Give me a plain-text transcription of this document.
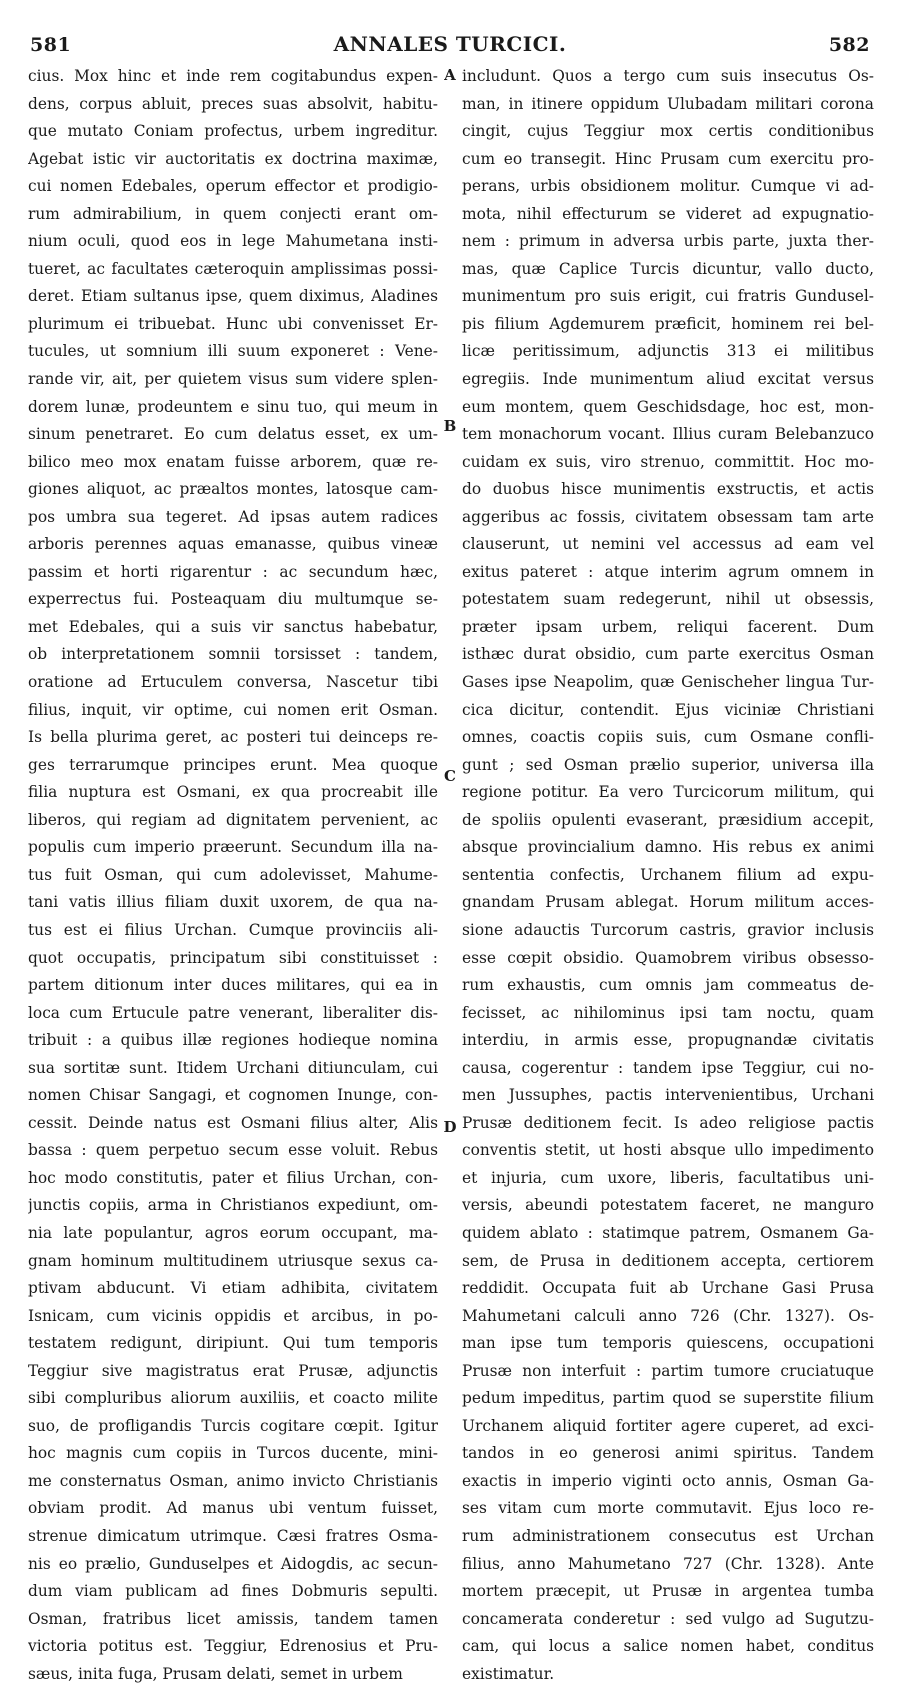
581	ANNALES TURCICI.	582
cius. Mox hinc et inde rem cogitabundus expen-
dens, corpus abluit, preces suas absolvit, habitu-
que mutato Coniam profectus, urbem ingreditur.
Agebat istic vir auctoritatis ex doctrina maximæ,
cui nomen Edebales, operum effector et prodigio-
rum admirabilium, in quem conjecti erant om-
nium oculi, quod eos in lege Mahumetana insti-
tueret, ac facultates cæteroquin amplissimas possi-
deret. Etiam sultanus ipse, quem diximus, Aladines
plurimum ei tribuebat. Hunc ubi convenisset Er-
tucules, ut somnium illi suum exponeret : Vene-
rande vir, ait, per quietem visus sum videre splen-
dorem lunæ, prodeuntem e sinu tuo, qui meum in
sinum penetraret. Eo cum delatus esset, ex um-
bilico meo mox enatam fuisse arborem, quæ re-
giones aliquot, ac præaltos montes, latosque cam-
pos umbra sua tegeret. Ad ipsas autem radices
arboris perennes aquas emanasse, quibus vineæ
passim et horti rigarentur : ac secundum hæc,
experrectus fui. Posteaquam diu multumque se-
met Edebales, qui a suis vir sanctus habebatur,
ob interpretationem somnii torsisset : tandem,
oratione ad Ertuculem conversa, Nascetur tibi
filius, inquit, vir optime, cui nomen erit Osman.
Is bella plurima geret, ac posteri tui deinceps re-
ges terrarumque principes erunt. Mea quoque
filia nuptura est Osmani, ex qua procreabit ille
liberos, qui regiam ad dignitatem pervenient, ac
populis cum imperio præerunt. Secundum illa na-
tus fuit Osman, qui cum adolevisset, Mahume-
tani vatis illius filiam duxit uxorem, de qua na-
tus est ei filius Urchan. Cumque provinciis ali-
quot occupatis, principatum sibi constituisset :
partem ditionum inter duces militares, qui ea in
loca cum Ertucule patre venerant, liberaliter dis-
tribuit : a quibus illæ regiones hodieque nomina
sua sortitæ sunt. Itidem Urchani ditiunculam, cui
nomen Chisar Sangagi, et cognomen Inunge, con-
cessit. Deinde natus est Osmani filius alter, Alis
bassa : quem perpetuo secum esse voluit. Rebus
hoc modo constitutis, pater et filius Urchan, con-
junctis copiis, arma in Christianos expediunt, om-
nia late populantur, agros eorum occupant, ma-
gnam hominum multitudinem utriusque sexus ca-
ptivam abducunt. Vi etiam adhibita, civitatem
Isnicam, cum vicinis oppidis et arcibus, in po-
testatem redigunt, diripiunt. Qui tum temporis
Teggiur sive magistratus erat Prusæ, adjunctis
sibi compluribus aliorum auxiliis, et coacto milite
suo, de profligandis Turcis cogitare cœpit. Igitur
hoc magnis cum copiis in Turcos ducente, mini-
me consternatus Osman, animo invicto Christianis
obviam prodit. Ad manus ubi ventum fuisset,
strenue dimicatum utrimque. Cæsi fratres Osma-
nis eo prælio, Gunduselpes et Aidogdis, ac secun-
dum viam publicam ad fines Dobmuris sepulti.
Osman, fratribus licet amissis, tandem tamen
victoria potitus est. Teggiur, Edrenosius et Pru-
sæus, inita fuga, Prusam delati, semet in urbem
includunt. Quos a tergo cum suis insecutus Os-
man, in itinere oppidum Ulubadam militari corona
cingit, cujus Teggiur mox certis conditionibus
cum eo transegit. Hinc Prusam cum exercitu pro-
perans, urbis obsidionem molitur. Cumque vi ad-
mota, nihil effecturum se videret ad expugnatio-
nem : primum in adversa urbis parte, juxta ther-
mas, quæ Caplice Turcis dicuntur, vallo ducto,
munimentum pro suis erigit, cui fratris Gundusel-
pis filium Agdemurem præficit, hominem rei bel-
licæ peritissimum, adjunctis 313 ei militibus
egregiis. Inde munimentum aliud excitat versus
eum montem, quem Geschidsdage, hoc est, mon-
tem monachorum vocant. Illius curam Belebanzuco
cuidam ex suis, viro strenuo, committit. Hoc mo-
do duobus hisce munimentis exstructis, et actis
aggeribus ac fossis, civitatem obsessam tam arte
clauserunt, ut nemini vel accessus ad eam vel
exitus pateret : atque interim agrum omnem in
potestatem suam redegerunt, nihil ut obsessis,
præter ipsam urbem, reliqui facerent. Dum
isthæc durat obsidio, cum parte exercitus Osman
Gases ipse Neapolim, quæ Genischeher lingua Tur-
cica dicitur, contendit. Ejus viciniæ Christiani
omnes, coactis copiis suis, cum Osmane confli-
gunt ; sed Osman prælio superior, universa illa
regione potitur. Ea vero Turcicorum militum, qui
de spoliis opulenti evaserant, præsidium accepit,
absque provincialium damno. His rebus ex animi
sententia confectis, Urchanem filium ad expu-
gnandam Prusam ablegat. Horum militum acces-
sione adauctis Turcorum castris, gravior inclusis
esse cœpit obsidio. Quamobrem viribus obsesso-
rum exhaustis, cum omnis jam commeatus de-
fecisset, ac nihilominus ipsi tam noctu, quam
interdiu, in armis esse, propugnandæ civitatis
causa, cogerentur : tandem ipse Teggiur, cui no-
men Jussuphes, pactis intervenientibus, Urchani
Prusæ deditionem fecit. Is adeo religiose pactis
conventis stetit, ut hosti absque ullo impedimento
et injuria, cum uxore, liberis, facultatibus uni-
versis, abeundi potestatem faceret, ne manguro
quidem ablato : statimque patrem, Osmanem Ga-
sem, de Prusa in deditionem accepta, certiorem
reddidit. Occupata fuit ab Urchane Gasi Prusa
Mahumetani calculi anno 726 (Chr. 1327). Os-
man ipse tum temporis quiescens, occupationi
Prusæ non interfuit : partim tumore cruciatuque
pedum impeditus, partim quod se superstite filium
Urchanem aliquid fortiter agere cuperet, ad exci-
tandos in eo generosi animi spiritus. Tandem
exactis in imperio viginti octo annis, Osman Ga-
ses vitam cum morte commutavit. Ejus loco re-
rum administrationem consecutus est Urchan
filius, anno Mahumetano 727 (Chr. 1328). Ante
mortem præcepit, ut Prusæ in argentea tumba
concamerata conderetur : sed vulgo ad Sugutzu-
cam, qui locus a salice nomen habet, conditus
existimatur.
A
B
C
D
